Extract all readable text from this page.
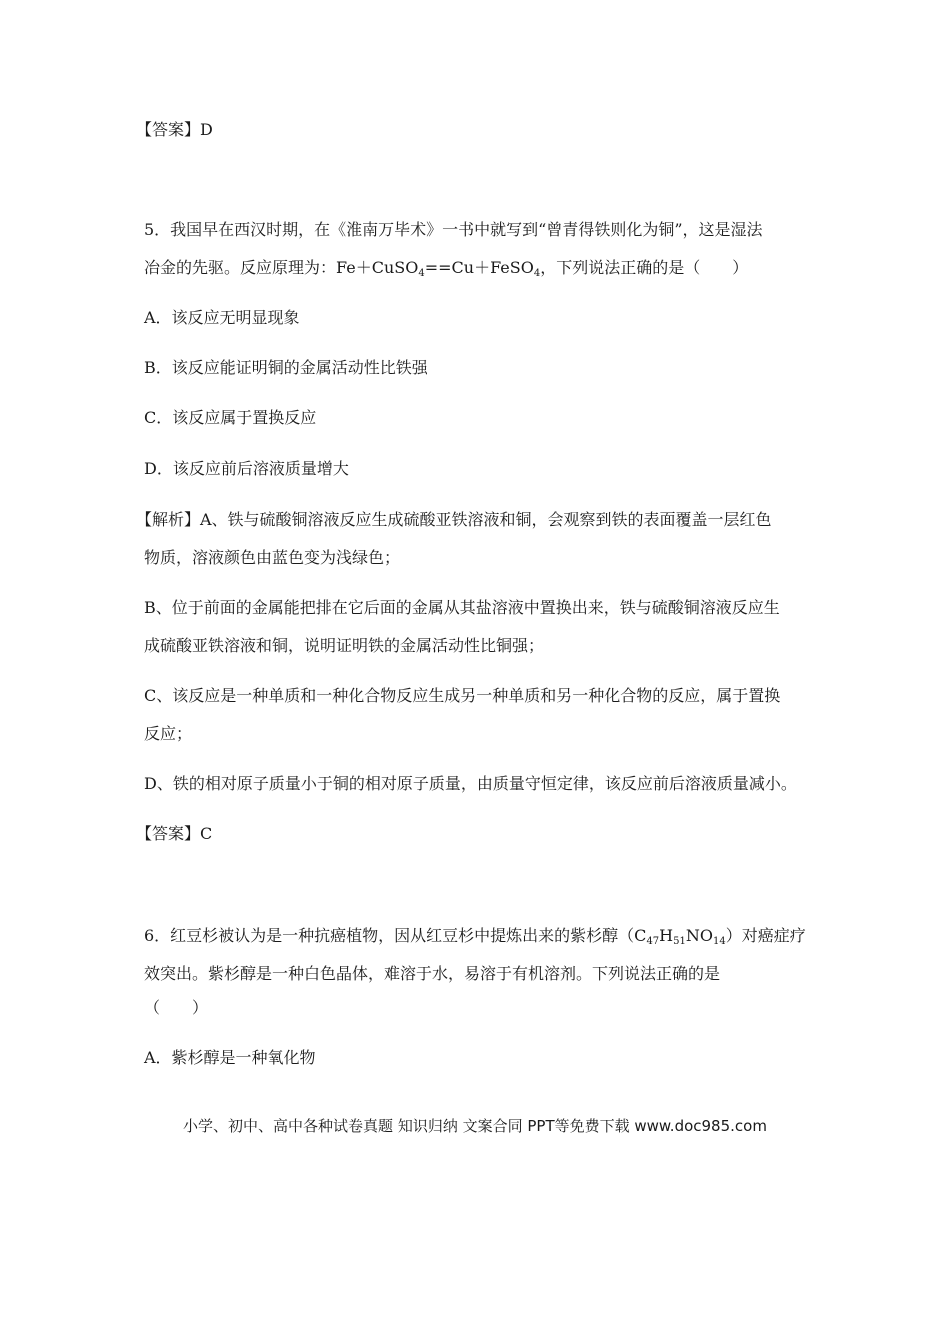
【答案】D
5．我国早在西汉时期，在《淮南万毕术》一书中就写到“曾青得铁则化为铜”，这是湿法
冶金的先驱。反应原理为：Fe＋CuSO$_4$==Cu＋FeSO$_4$，下列说法正确的是（　　）
A．该反应无明显现象
B．该反应能证明铜的金属活动性比铁强
C．该反应属于置换反应
D．该反应前后溶液质量增大
【解析】A、铁与硫酸铜溶液反应生成硫酸亚铁溶液和铜，会观察到铁的表面覆盖一层红色
物质，溶液颜色由蓝色变为浅绿色；
B、位于前面的金属能把排在它后面的金属从其盐溶液中置换出来，铁与硫酸铜溶液反应生
成硫酸亚铁溶液和铜，说明证明铁的金属活动性比铜强；
C、该反应是一种单质和一种化合物反应生成另一种单质和另一种化合物的反应，属于置换
反应；
D、铁的相对原子质量小于铜的相对原子质量，由质量守恒定律，该反应前后溶液质量减小。
【答案】C
6．红豆杉被认为是一种抗癌植物，因从红豆杉中提炼出来的紫杉醇$(C_{47}H_{51}NO_{14})$对癌症疗
效突出。紫杉醇是一种白色晶体，难溶于水，易溶于有机溶剂。下列说法正确的是
（　　）
A．紫杉醇是一种氧化物
小学、初中、高中各种试卷真题 知识归纳 文案合同 PPT等免费下载 www.doc985.com
